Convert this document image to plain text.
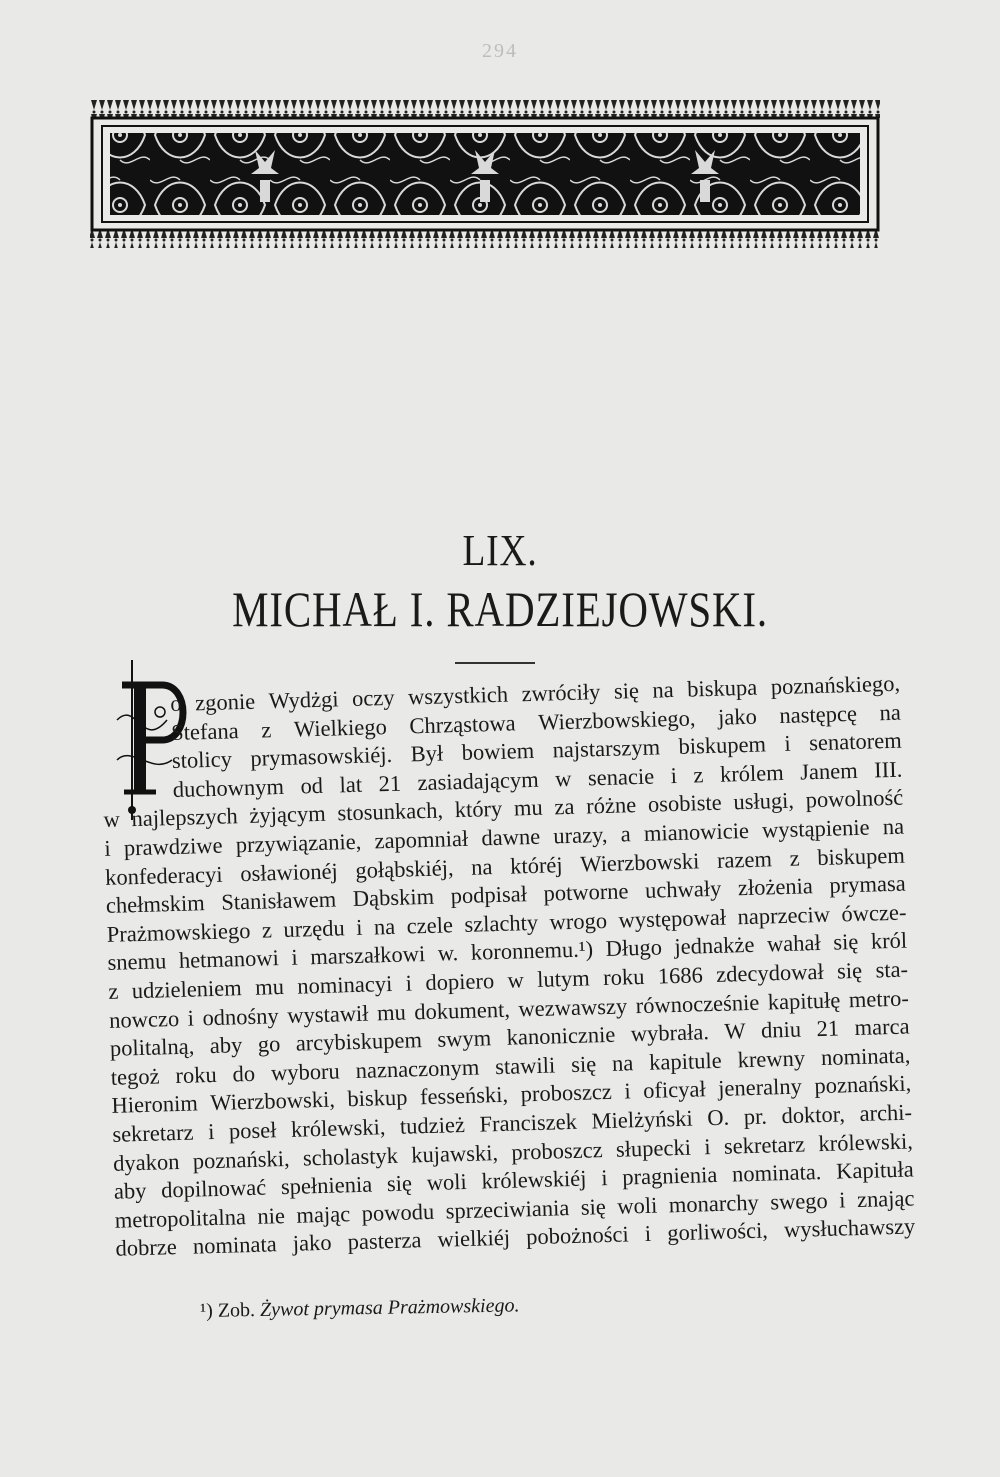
294
LIX.
MICHAŁ I. RADZIEJOWSKI.
P
o zgonie Wydżgi oczy wszystkich zwróciły się na biskupa poznańskiego,
Stefana z Wielkiego Chrząstowa Wierzbowskiego, jako następcę na
stolicy prymasowskiéj. Był bowiem najstarszym biskupem i senatorem
duchownym od lat 21 zasiadającym w senacie i z królem Janem III.
w najlepszych żyjącym stosunkach, który mu za różne osobiste usługi, powolność
i prawdziwe przywiązanie, zapomniał dawne urazy, a mianowicie wystąpienie na
konfederacyi osławionéj gołąbskiéj, na któréj Wierzbowski razem z biskupem
chełmskim Stanisławem Dąbskim podpisał potworne uchwały złożenia prymasa
Prażmowskiego z urzędu i na czele szlachty wrogo występował naprzeciw ówcze-
snemu hetmanowi i marszałkowi w. koronnemu.¹) Długo jednakże wahał się król
z udzieleniem mu nominacyi i dopiero w lutym roku 1686 zdecydował się sta-
nowczo i odnośny wystawił mu dokument, wezwawszy równocześnie kapitułę metro-
politalną, aby go arcybiskupem swym kanonicznie wybrała. W dniu 21 marca
tegoż roku do wyboru naznaczonym stawili się na kapitule krewny nominata,
Hieronim Wierzbowski, biskup fesseński, proboszcz i oficyał jeneralny poznański,
sekretarz i poseł królewski, tudzież Franciszek Mielżyński O. pr. doktor, archi-
dyakon poznański, scholastyk kujawski, proboszcz słupecki i sekretarz królewski,
aby dopilnować spełnienia się woli królewskiéj i pragnienia nominata. Kapituła
metropolitalna nie mając powodu sprzeciwiania się woli monarchy swego i znając
dobrze nominata jako pasterza wielkiéj pobożności i gorliwości, wysłuchawszy
¹) Zob. Żywot prymasa Prażmowskiego.
